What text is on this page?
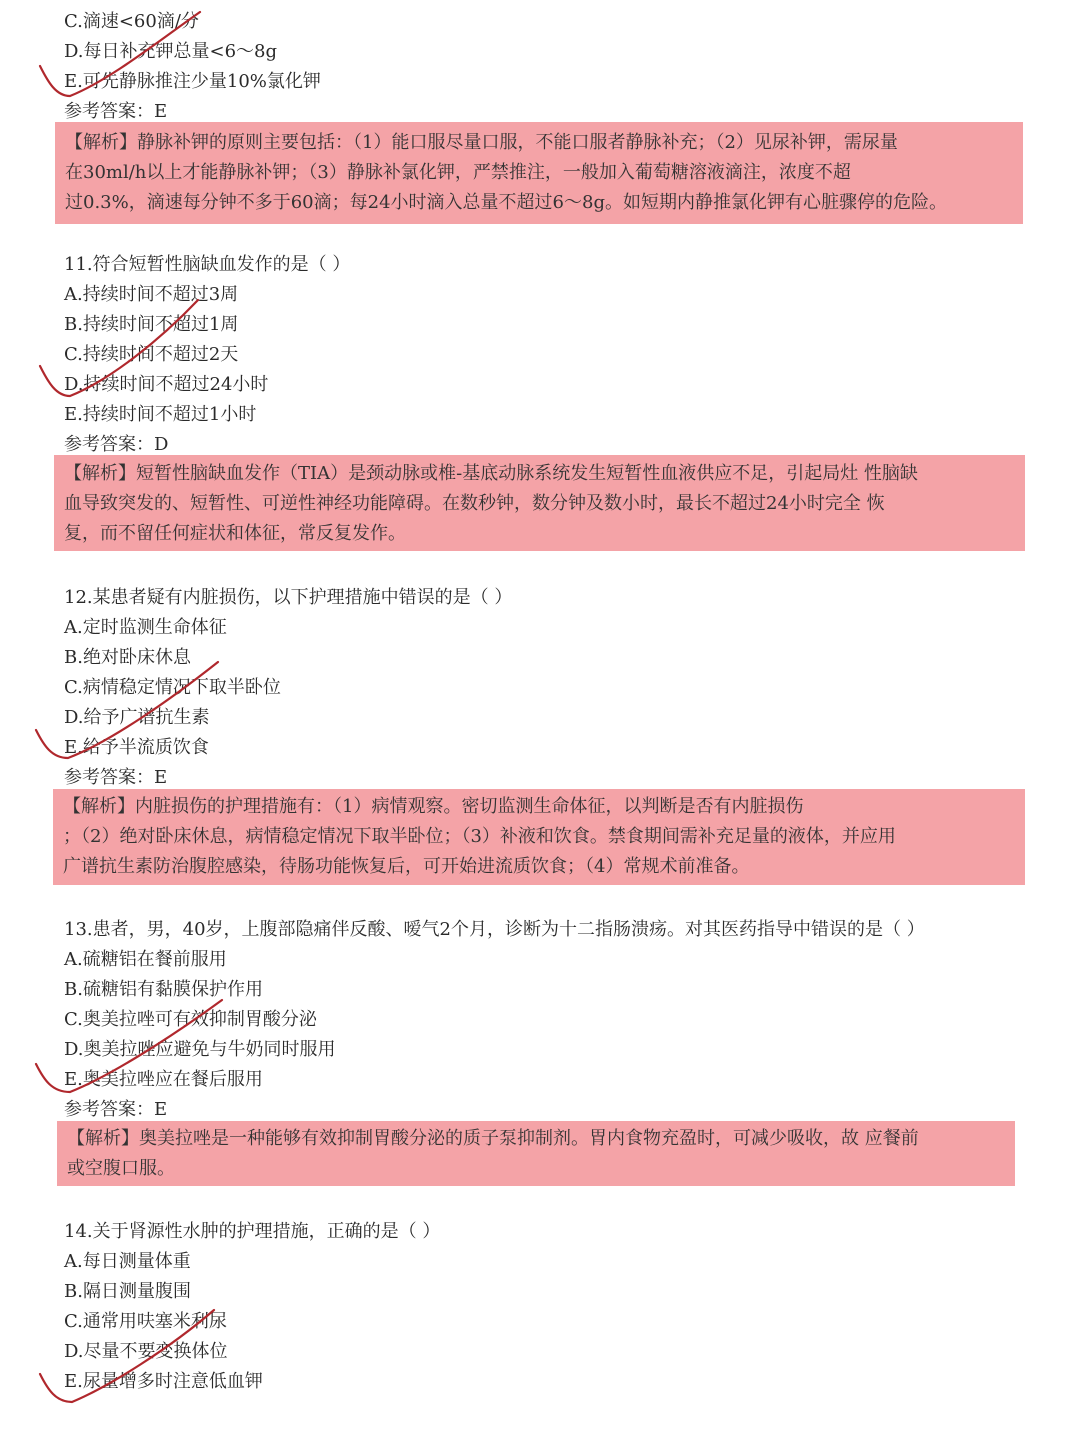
C.滴速<60滴/分
D.每日补充钾总量<6～8g
E.可先静脉推注少量10%氯化钾
参考答案：E
【解析】静脉补钾的原则主要包括：（1）能口服尽量口服，不能口服者静脉补充；（2）见尿补钾，需尿量
在30ml/h以上才能静脉补钾；（3）静脉补氯化钾，严禁推注，一般加入葡萄糖溶液滴注，浓度不超
过0.3%，滴速每分钟不多于60滴；每24小时滴入总量不超过6～8g。如短期内静推氯化钾有心脏骤停的危险。
11.符合短暂性脑缺血发作的是（ ）
A.持续时间不超过3周
B.持续时间不超过1周
C.持续时间不超过2天
D.持续时间不超过24小时
E.持续时间不超过1小时
参考答案：D
【解析】短暂性脑缺血发作（TIA）是颈动脉或椎-基底动脉系统发生短暂性血液供应不足，引起局灶 性脑缺
血导致突发的、短暂性、可逆性神经功能障碍。在数秒钟，数分钟及数小时，最长不超过24小时完全 恢
复，而不留任何症状和体征，常反复发作。
12.某患者疑有内脏损伤，以下护理措施中错误的是（ ）
A.定时监测生命体征
B.绝对卧床休息
C.病情稳定情况下取半卧位
D.给予广谱抗生素
E.给予半流质饮食
参考答案：E
【解析】内脏损伤的护理措施有：（1）病情观察。密切监测生命体征，以判断是否有内脏损伤
；（2）绝对卧床休息，病情稳定情况下取半卧位；（3）补液和饮食。禁食期间需补充足量的液体，并应用
广谱抗生素防治腹腔感染，待肠功能恢复后，可开始进流质饮食；（4）常规术前准备。
13.患者，男，40岁，上腹部隐痛伴反酸、嗳气2个月，诊断为十二指肠溃疡。对其医药指导中错误的是（ ）
A.硫糖铝在餐前服用
B.硫糖铝有黏膜保护作用
C.奥美拉唑可有效抑制胃酸分泌
D.奥美拉唑应避免与牛奶同时服用
E.奥美拉唑应在餐后服用
参考答案：E
【解析】奥美拉唑是一种能够有效抑制胃酸分泌的质子泵抑制剂。胃内食物充盈时，可减少吸收，故 应餐前
或空腹口服。
14.关于肾源性水肿的护理措施，正确的是（ ）
A.每日测量体重
B.隔日测量腹围
C.通常用呋塞米利尿
D.尽量不要变换体位
E.尿量增多时注意低血钾
